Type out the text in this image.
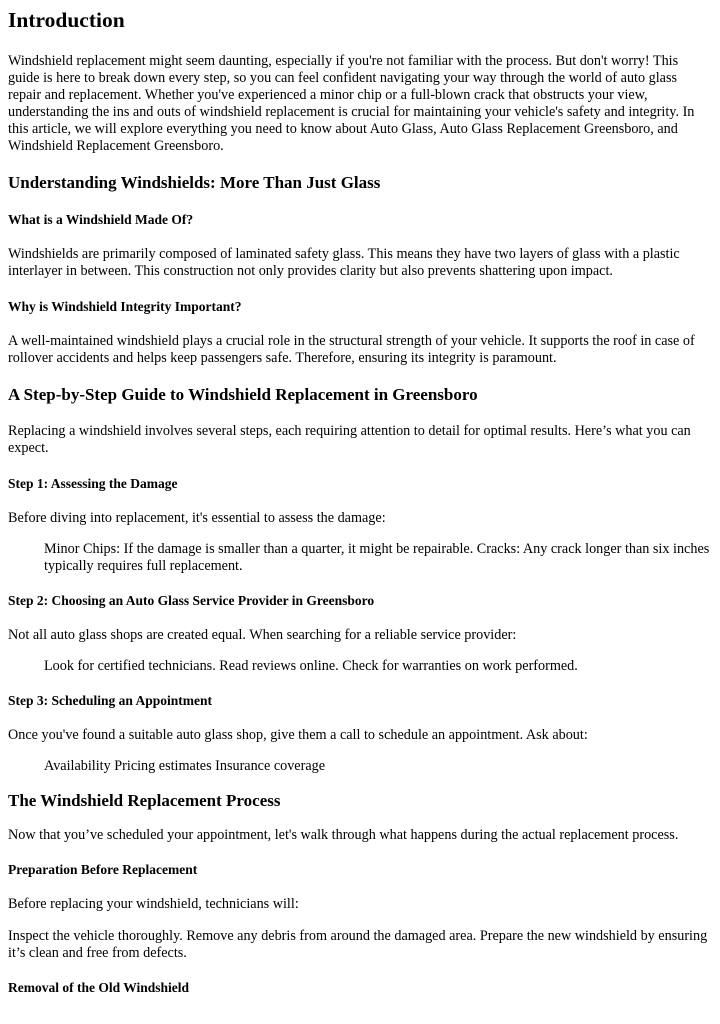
Introduction

Windshield replacement might seem daunting, especially if you're not familiar with the process. But don't worry! This guide is here to break down every step, so you can feel confident navigating your way through the world of auto glass repair and replacement. Whether you've experienced a minor chip or a full-blown crack that obstructs your view, understanding the ins and outs of windshield replacement is crucial for maintaining your vehicle's safety and integrity. In this article, we will explore everything you need to know about Auto Glass, Auto Glass Replacement Greensboro, and Windshield Replacement Greensboro.

Understanding Windshields: More Than Just Glass
What is a Windshield Made Of?

Windshields are primarily composed of laminated safety glass. This means they have two layers of glass with a plastic interlayer in between. This construction not only provides clarity but also prevents shattering upon impact.

Why is Windshield Integrity Important?

A well-maintained windshield plays a crucial role in the structural strength of your vehicle. It supports the roof in case of rollover accidents and helps keep passengers safe. Therefore, ensuring its integrity is paramount.

A Step-by-Step Guide to Windshield Replacement in Greensboro

Replacing a windshield involves several steps, each requiring attention to detail for optimal results. Here’s what you can expect.

Step 1: Assessing the Damage

Before diving into replacement, it's essential to assess the damage:

Minor Chips: If the damage is smaller than a quarter, it might be repairable. Cracks: Any crack longer than six inches typically requires full replacement.

Step 2: Choosing an Auto Glass Service Provider in Greensboro

Not all auto glass shops are created equal. When searching for a reliable service provider:

Look for certified technicians. Read reviews online. Check for warranties on work performed.

Step 3: Scheduling an Appointment

Once you've found a suitable auto glass shop, give them a call to schedule an appointment. Ask about:

Availability Pricing estimates Insurance coverage

The Windshield Replacement Process

Now that you’ve scheduled your appointment, let's walk through what happens during the actual replacement process.

Preparation Before Replacement

Before replacing your windshield, technicians will:

Inspect the vehicle thoroughly. Remove any debris from around the damaged area. Prepare the new windshield by ensuring it’s clean and free from defects.

Removal of the Old Windshield
